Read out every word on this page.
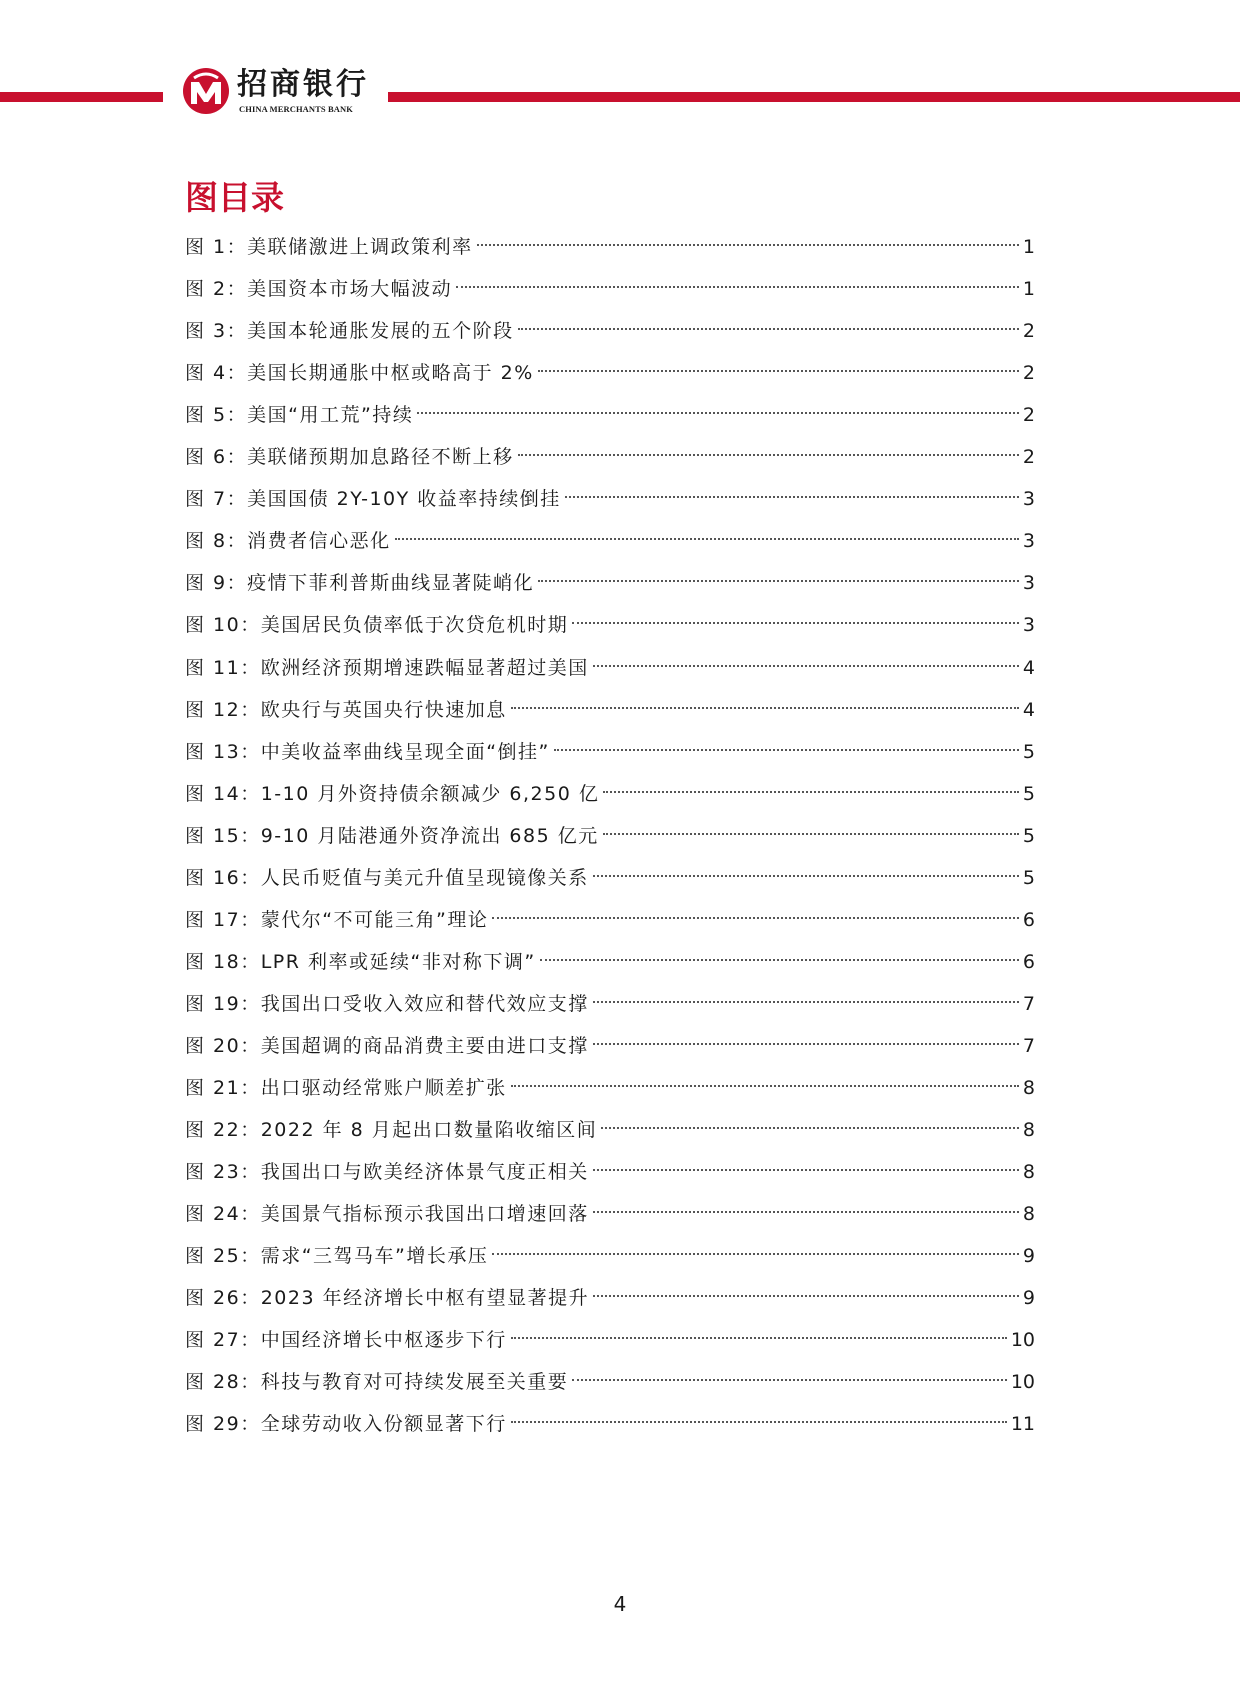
招商银行
CHINA MERCHANTS BANK
图目录
图 1：美联储激进上调政策利率	1
图 2：美国资本市场大幅波动	1
图 3：美国本轮通胀发展的五个阶段	2
图 4：美国长期通胀中枢或略高于 2%	2
图 5：美国“用工荒”持续	2
图 6：美联储预期加息路径不断上移	2
图 7：美国国债 2Y-10Y 收益率持续倒挂	3
图 8：消费者信心恶化	3
图 9：疫情下菲利普斯曲线显著陡峭化	3
图 10：美国居民负债率低于次贷危机时期	3
图 11：欧洲经济预期增速跌幅显著超过美国	4
图 12：欧央行与英国央行快速加息	4
图 13：中美收益率曲线呈现全面“倒挂”	5
图 14：1-10 月外资持债余额减少 6,250 亿	5
图 15：9-10 月陆港通外资净流出 685 亿元	5
图 16：人民币贬值与美元升值呈现镜像关系	5
图 17：蒙代尔“不可能三角”理论	6
图 18：LPR 利率或延续“非对称下调”	6
图 19：我国出口受收入效应和替代效应支撑	7
图 20：美国超调的商品消费主要由进口支撑	7
图 21：出口驱动经常账户顺差扩张	8
图 22：2022 年 8 月起出口数量陷收缩区间	8
图 23：我国出口与欧美经济体景气度正相关	8
图 24：美国景气指标预示我国出口增速回落	8
图 25：需求“三驾马车”增长承压	9
图 26：2023 年经济增长中枢有望显著提升	9
图 27：中国经济增长中枢逐步下行	10
图 28：科技与教育对可持续发展至关重要	10
图 29：全球劳动收入份额显著下行	11
4
